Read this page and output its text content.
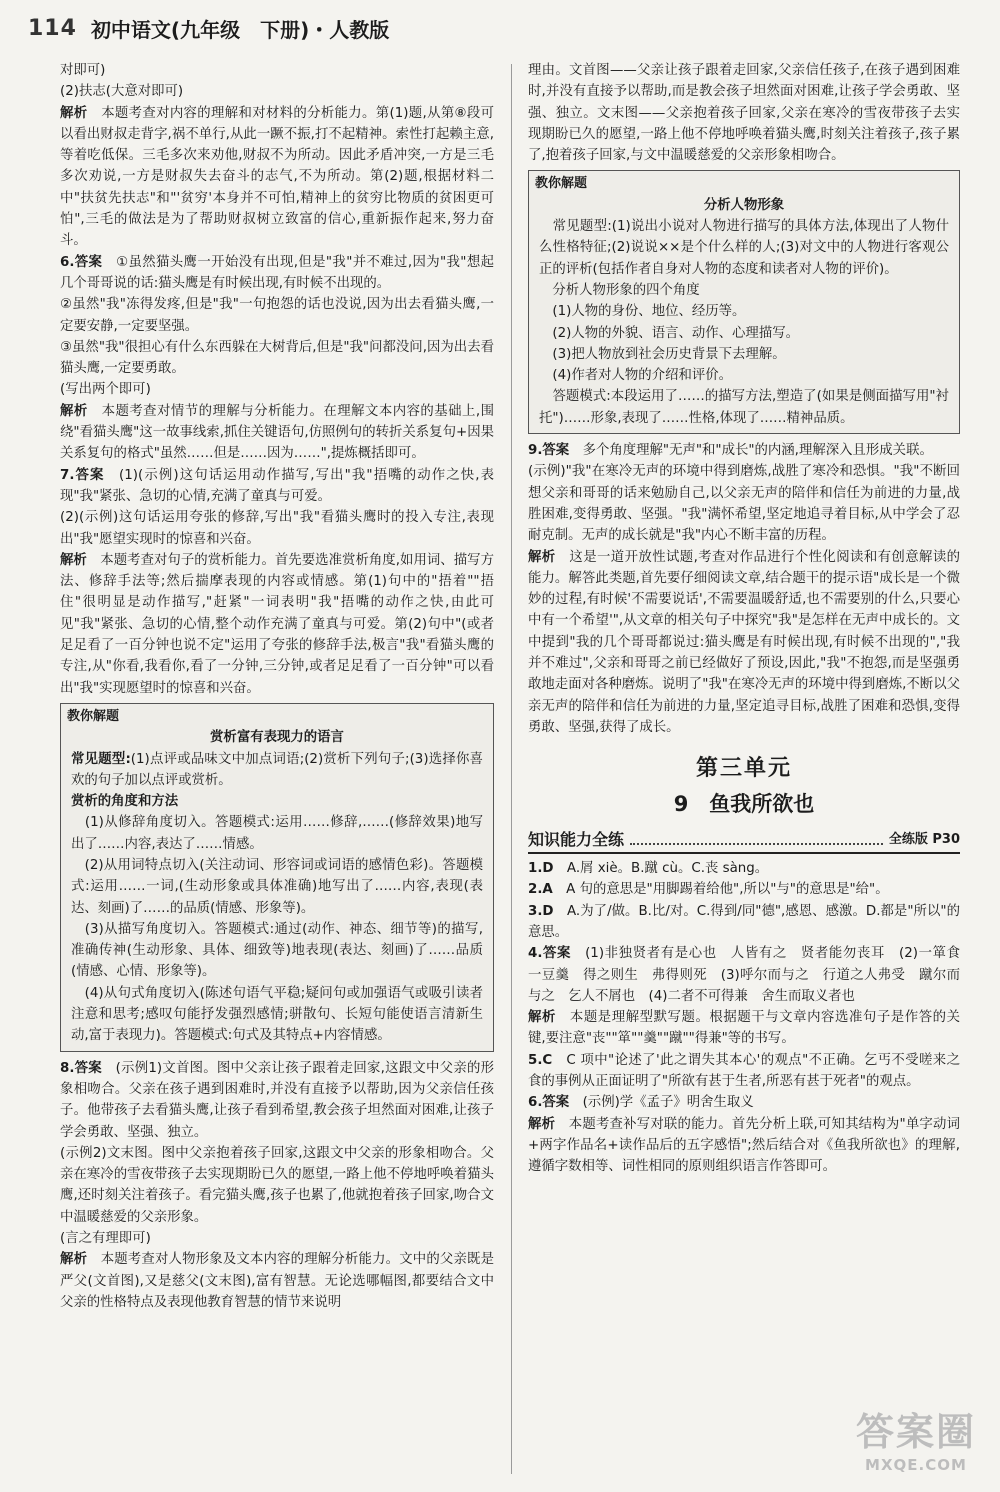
114 初中语文(九年级　下册)・人教版

对即可)

(2)扶志(大意对即可)

解析　本题考查对内容的理解和对材料的分析能力。第(1)题,从第⑧段可以看出财叔走背字,祸不单行,从此一蹶不振,打不起精神。索性打起赖主意,等着吃低保。三毛多次来劝他,财叔不为所动。因此矛盾冲突,一方是三毛多次劝说,一方是财叔失去奋斗的志气,不为所动。第(2)题,根据材料二中"扶贫先扶志"和"'贫穷'本身并不可怕,精神上的贫穷比物质的贫困更可怕",三毛的做法是为了帮助财叔树立致富的信心,重新振作起来,努力奋斗。

6.答案　①虽然猫头鹰一开始没有出现,但是"我"并不难过,因为"我"想起几个哥哥说的话:猫头鹰是有时候出现,有时候不出现的。

②虽然"我"冻得发疼,但是"我"一句抱怨的话也没说,因为出去看猫头鹰,一定要安静,一定要坚强。

③虽然"我"很担心有什么东西躲在大树背后,但是"我"问都没问,因为出去看猫头鹰,一定要勇敢。

(写出两个即可)

解析　本题考查对情节的理解与分析能力。在理解文本内容的基础上,围绕"看猫头鹰"这一故事线索,抓住关键语句,仿照例句的转折关系复句+因果关系复句的格式"虽然……但是……因为……",提炼概括即可。

7.答案　(1)(示例)这句话运用动作描写,写出"我"捂嘴的动作之快,表现"我"紧张、急切的心情,充满了童真与可爱。

(2)(示例)这句话运用夸张的修辞,写出"我"看猫头鹰时的投入专注,表现出"我"愿望实现时的惊喜和兴奋。

解析　本题考查对句子的赏析能力。首先要选准赏析角度,如用词、描写方法、修辞手法等;然后揣摩表现的内容或情感。第(1)句中的"捂着""捂住"很明显是动作描写,"赶紧"一词表明"我"捂嘴的动作之快,由此可见"我"紧张、急切的心情,整个动作充满了童真与可爱。第(2)句中"(或者足足看了一百分钟也说不定"运用了夸张的修辞手法,极言"我"看猫头鹰的专注,从"你看,我看你,看了一分钟,三分钟,或者足足看了一百分钟"可以看出"我"实现愿望时的惊喜和兴奋。

教你解题
赏析富有表现力的语言

常见题型:(1)点评或品味文中加点词语;(2)赏析下列句子;(3)选择你喜欢的句子加以点评或赏析。

赏析的角度和方法

　(1)从修辞角度切入。答题模式:运用……修辞,……(修辞效果)地写出了……内容,表达了……情感。

　(2)从用词特点切入(关注动词、形容词或词语的感情色彩)。答题模式:运用……一词,(生动形象或具体准确)地写出了……内容,表现(表达、刻画)了……的品质(情感、形象等)。

　(3)从描写角度切入。答题模式:通过(动作、神态、细节等)的描写,准确传神(生动形象、具体、细致等)地表现(表达、刻画)了……品质(情感、心情、形象等)。

　(4)从句式角度切入(陈述句语气平稳;疑问句或加强语气或吸引读者注意和思考;感叹句能抒发强烈感情;骈散句、长短句能使语言清新生动,富于表现力)。答题模式:句式及其特点+内容情感。

8.答案　(示例1)文首图。图中父亲让孩子跟着走回家,这跟文中父亲的形象相吻合。父亲在孩子遇到困难时,并没有直接予以帮助,因为父亲信任孩子。他带孩子去看猫头鹰,让孩子看到希望,教会孩子坦然面对困难,让孩子学会勇敢、坚强、独立。

(示例2)文末图。图中父亲抱着孩子回家,这跟文中父亲的形象相吻合。父亲在寒冷的雪夜带孩子去实现期盼已久的愿望,一路上他不停地呼唤着猫头鹰,还时刻关注着孩子。看完猫头鹰,孩子也累了,他就抱着孩子回家,吻合文中温暖慈爱的父亲形象。

(言之有理即可)

解析　本题考查对人物形象及文本内容的理解分析能力。文中的父亲既是严父(文首图),又是慈父(文末图),富有智慧。无论选哪幅图,都要结合文中父亲的性格特点及表现他教育智慧的情节来说明

理由。文首图——父亲让孩子跟着走回家,父亲信任孩子,在孩子遇到困难时,并没有直接予以帮助,而是教会孩子坦然面对困难,让孩子学会勇敢、坚强、独立。文末图——父亲抱着孩子回家,父亲在寒冷的雪夜带孩子去实现期盼已久的愿望,一路上他不停地呼唤着猫头鹰,时刻关注着孩子,孩子累了,抱着孩子回家,与文中温暖慈爱的父亲形象相吻合。

教你解题
分析人物形象

　常见题型:(1)说出小说对人物进行描写的具体方法,体现出了人物什么性格特征;(2)说说××是个什么样的人;(3)对文中的人物进行客观公正的评析(包括作者自身对人物的态度和读者对人物的评价)。

　分析人物形象的四个角度

　(1)人物的身份、地位、经历等。

　(2)人物的外貌、语言、动作、心理描写。

　(3)把人物放到社会历史背景下去理解。

　(4)作者对人物的介绍和评价。

　答题模式:本段运用了……的描写方法,塑造了(如果是侧面描写用"衬托")……形象,表现了……性格,体现了……精神品质。

9.答案　多个角度理解"无声"和"成长"的内涵,理解深入且形成关联。

(示例)"我"在寒冷无声的环境中得到磨炼,战胜了寒冷和恐惧。"我"不断回想父亲和哥哥的话来勉励自己,以父亲无声的陪伴和信任为前进的力量,战胜困难,变得勇敢、坚强。"我"满怀希望,坚定地追寻着目标,从中学会了忍耐克制。无声的成长就是"我"内心不断丰富的历程。

解析　这是一道开放性试题,考查对作品进行个性化阅读和有创意解读的能力。解答此类题,首先要仔细阅读文章,结合题干的提示语"成长是一个微妙的过程,有时候'不需要说话',不需要温暖舒适,也不需要别的什么,只要心中有一个希望'",从文章的相关句子中探究"我"是怎样在无声中成长的。文中提到"我的几个哥哥都说过:猫头鹰是有时候出现,有时候不出现的","我并不难过",父亲和哥哥之前已经做好了预设,因此,"我"不抱怨,而是坚强勇敢地走面对各种磨炼。说明了"我"在寒冷无声的环境中得到磨炼,不断以父亲无声的陪伴和信任为前进的力量,坚定追寻目标,战胜了困难和恐惧,变得勇敢、坚强,获得了成长。

第三单元
9　鱼我所欲也
知识能力全练	全练版 P30

1.D　A.屑 xiè。B.蹴 cù。C.丧 sàng。

2.A　A 句的意思是"用脚踢着给他",所以"与"的意思是"给"。

3.D　A.为了/做。B.比/对。C.得到/同"德",感恩、感激。D.都是"所以"的意思。

4.答案　(1)非独贤者有是心也　人皆有之　贤者能勿丧耳　(2)一箪食　一豆羹　得之则生　弗得则死　(3)呼尔而与之　行道之人弗受　蹴尔而与之　乞人不屑也　(4)二者不可得兼　舍生而取义者也

解析　本题是理解型默写题。根据题干与文章内容选准句子是作答的关键,要注意"丧""箪""羹""蹴""得兼"等的书写。

5.C　C 项中"论述了'此之谓失其本心'的观点"不正确。乞丐不受嗟来之食的事例从正面证明了"所欲有甚于生者,所恶有甚于死者"的观点。

6.答案　(示例)学《孟子》明舍生取义

解析　本题考查补写对联的能力。首先分析上联,可知其结构为"单字动词+两字作品名+读作品后的五字感悟";然后结合对《鱼我所欲也》的理解,遵循字数相等、词性相同的原则组织语言作答即可。

答案圈
MXQE.COM
